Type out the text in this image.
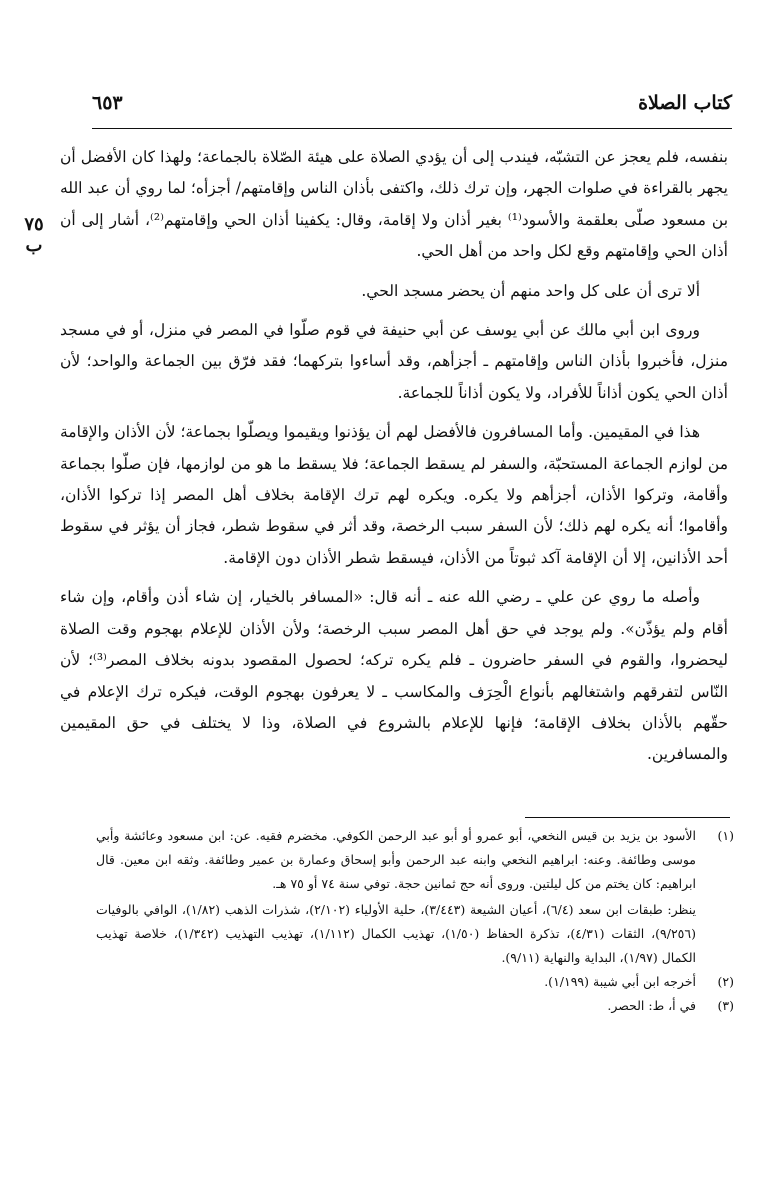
كتاب الصلاة
٦٥٣
٧٥ ب

بنفسه، فلم يعجز عن التشبّه، فيندب إلى أن يؤدي الصلاة على هيئة الصّلاة بالجماعة؛ ولهذا كان الأفضل أن يجهر بالقراءة في صلوات الجهر، وإن ترك ذلك، واكتفى بأذان الناس وإقامتهم/ أجزأه؛ لما روي أن عبد الله بن مسعود صلّى بعلقمة والأسود⁽¹⁾ بغير أذان ولا إقامة، وقال: يكفينا أذان الحي وإقامتهم⁽²⁾، أشار إلى أن أذان الحي وإقامتهم وقع لكل واحد من أهل الحي.

ألا ترى أن على كل واحد منهم أن يحضر مسجد الحي.

وروى ابن أبي مالك عن أبي يوسف عن أبي حنيفة في قوم صلّوا في المصر في منزل، أو في مسجد منزل، فأخبروا بأذان الناس وإقامتهم ـ أجزأهم، وقد أساءوا بتركهما؛ فقد فرّق بين الجماعة والواحد؛ لأن أذان الحي يكون أذاناً للأفراد، ولا يكون أذاناً للجماعة.

هذا في المقيمين. وأما المسافرون فالأفضل لهم أن يؤذنوا ويقيموا ويصلّوا بجماعة؛ لأن الأذان والإقامة من لوازم الجماعة المستحبّة، والسفر لم يسقط الجماعة؛ فلا يسقط ما هو من لوازمها، فإن صلّوا بجماعة وأقامة، وتركوا الأذان، أجزأهم ولا يكره. ويكره لهم ترك الإقامة بخلاف أهل المصر إذا تركوا الأذان، وأقاموا؛ أنه يكره لهم ذلك؛ لأن السفر سبب الرخصة، وقد أثر في سقوط شطر، فجاز أن يؤثر في سقوط أحد الأذانين، إلا أن الإقامة آكد ثبوتاً من الأذان، فيسقط شطر الأذان دون الإقامة.

وأصله ما روي عن علي ـ رضي الله عنه ـ أنه قال: «المسافر بالخيار، إن شاء أذن وأقام، وإن شاء أقام ولم يؤذّن». ولم يوجد في حق أهل المصر سبب الرخصة؛ ولأن الأذان للإعلام بهجوم وقت الصلاة ليحضروا، والقوم في السفر حاضرون ـ فلم يكره تركه؛ لحصول المقصود بدونه بخلاف المصر⁽³⁾؛ لأن النّاس لتفرقهم واشتغالهم بأنواع الْحِرَف والمكاسب ـ لا يعرفون بهجوم الوقت، فيكره ترك الإعلام في حقّهم بالأذان بخلاف الإقامة؛ فإنها للإعلام بالشروع في الصلاة، وذا لا يختلف في حق المقيمين والمسافرين.

(١)
الأسود بن يزيد بن قيس النخعي، أبو عمرو أو أبو عبد الرحمن الكوفي. مخضرم فقيه. عن: ابن مسعود وعائشة وأبي موسى وطائفة. وعنه: ابراهيم النخعي وابنه عبد الرحمن وأبو إسحاق وعمارة بن عمير وطائفة. وثقه ابن معين. قال ابراهيم: كان يختم من كل ليلتين. وروى أنه حج ثمانين حجة. توفي سنة ٧٤ أو ٧٥ هـ.
ينظر: طبقات ابن سعد (٦/٤)، أعيان الشيعة (٣/٤٤٣)، حلية الأولياء (٢/١٠٢)، شذرات الذهب (١/٨٢)، الوافي بالوفيات (٩/٢٥٦)، الثقات (٤/٣١)، تذكرة الحفاظ (١/٥٠)، تهذيب الكمال (١/١١٢)، تهذيب التهذيب (١/٣٤٢)، خلاصة تهذيب الكمال (١/٩٧)، البداية والنهاية (٩/١١).
(٢)
أخرجه ابن أبي شيبة (١/١٩٩).
(٣)
في أ، ط: الحصر.
